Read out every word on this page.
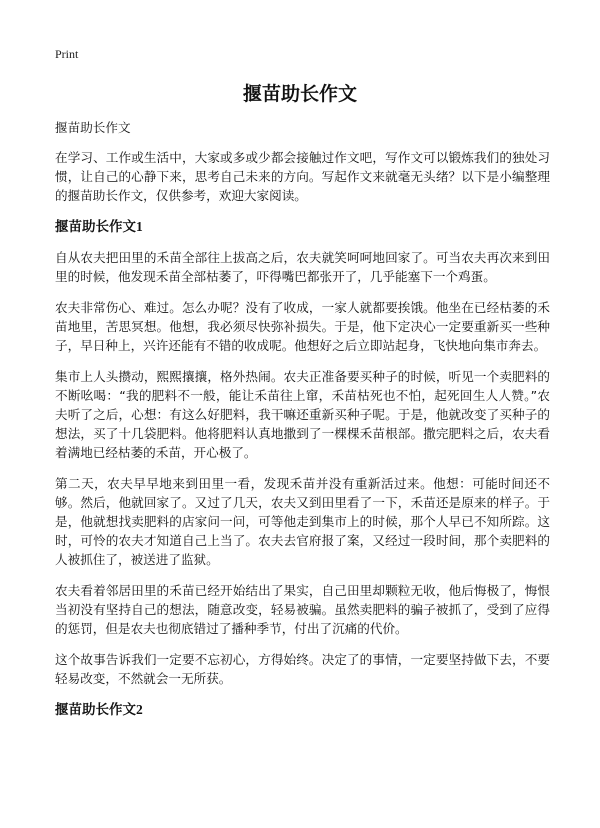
Print
揠苗助长作文

揠苗助长作文

在学习、工作或生活中，大家或多或少都会接触过作文吧，写作文可以锻炼我们的独处习惯，让自己的心静下来，思考自己未来的方向。写起作文来就毫无头绪？以下是小编整理的揠苗助长作文，仅供参考，欢迎大家阅读。

揠苗助长作文1

自从农夫把田里的禾苗全部往上拔高之后，农夫就笑呵呵地回家了。可当农夫再次来到田里的时候，他发现禾苗全部枯萎了，吓得嘴巴都张开了，几乎能塞下一个鸡蛋。

农夫非常伤心、难过。怎么办呢？没有了收成，一家人就都要挨饿。他坐在已经枯萎的禾苗地里，苦思冥想。他想，我必须尽快弥补损失。于是，他下定决心一定要重新买一些种子，早日种上，兴许还能有不错的收成呢。他想好之后立即站起身，飞快地向集市奔去。

集市上人头攒动，熙熙攘攘，格外热闹。农夫正准备要买种子的时候，听见一个卖肥料的不断吆喝：“我的肥料不一般，能让禾苗往上窜，禾苗枯死也不怕，起死回生人人赞。”农夫听了之后，心想：有这么好肥料，我干嘛还重新买种子呢。于是，他就改变了买种子的想法，买了十几袋肥料。他将肥料认真地撒到了一棵棵禾苗根部。撒完肥料之后，农夫看着满地已经枯萎的禾苗，开心极了。

第二天，农夫早早地来到田里一看，发现禾苗并没有重新活过来。他想：可能时间还不够。然后，他就回家了。又过了几天，农夫又到田里看了一下，禾苗还是原来的样子。于是，他就想找卖肥料的店家问一问，可等他走到集市上的时候，那个人早已不知所踪。这时，可怜的农夫才知道自己上当了。农夫去官府报了案，又经过一段时间，那个卖肥料的人被抓住了，被送进了监狱。

农夫看着邻居田里的禾苗已经开始结出了果实，自己田里却颗粒无收，他后悔极了，悔恨当初没有坚持自己的想法，随意改变，轻易被骗。虽然卖肥料的骗子被抓了，受到了应得的惩罚，但是农夫也彻底错过了播种季节，付出了沉痛的代价。

这个故事告诉我们一定要不忘初心，方得始终。决定了的事情，一定要坚持做下去，不要轻易改变，不然就会一无所获。

揠苗助长作文2
